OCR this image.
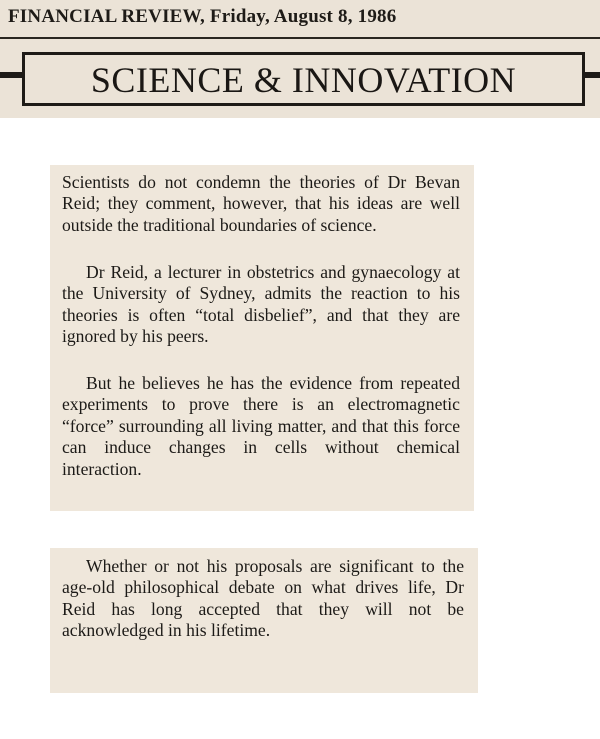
FINANCIAL REVIEW, Friday, August 8, 1986
SCIENCE & INNOVATION

Scientists do not condemn the theories of Dr Bevan Reid; they comment, however, that his ideas are well outside the traditional boundaries of science.

Dr Reid, a lecturer in obstetrics and gynaecology at the University of Sydney, admits the reaction to his theories is often “total disbelief”, and that they are ignored by his peers.

But he believes he has the evidence from repeated experiments to prove there is an electromagnetic “force” surrounding all living matter, and that this force can induce changes in cells without chemical interaction.

Whether or not his proposals are significant to the age-old philosophical debate on what drives life, Dr Reid has long accepted that they will not be acknowledged in his lifetime.
